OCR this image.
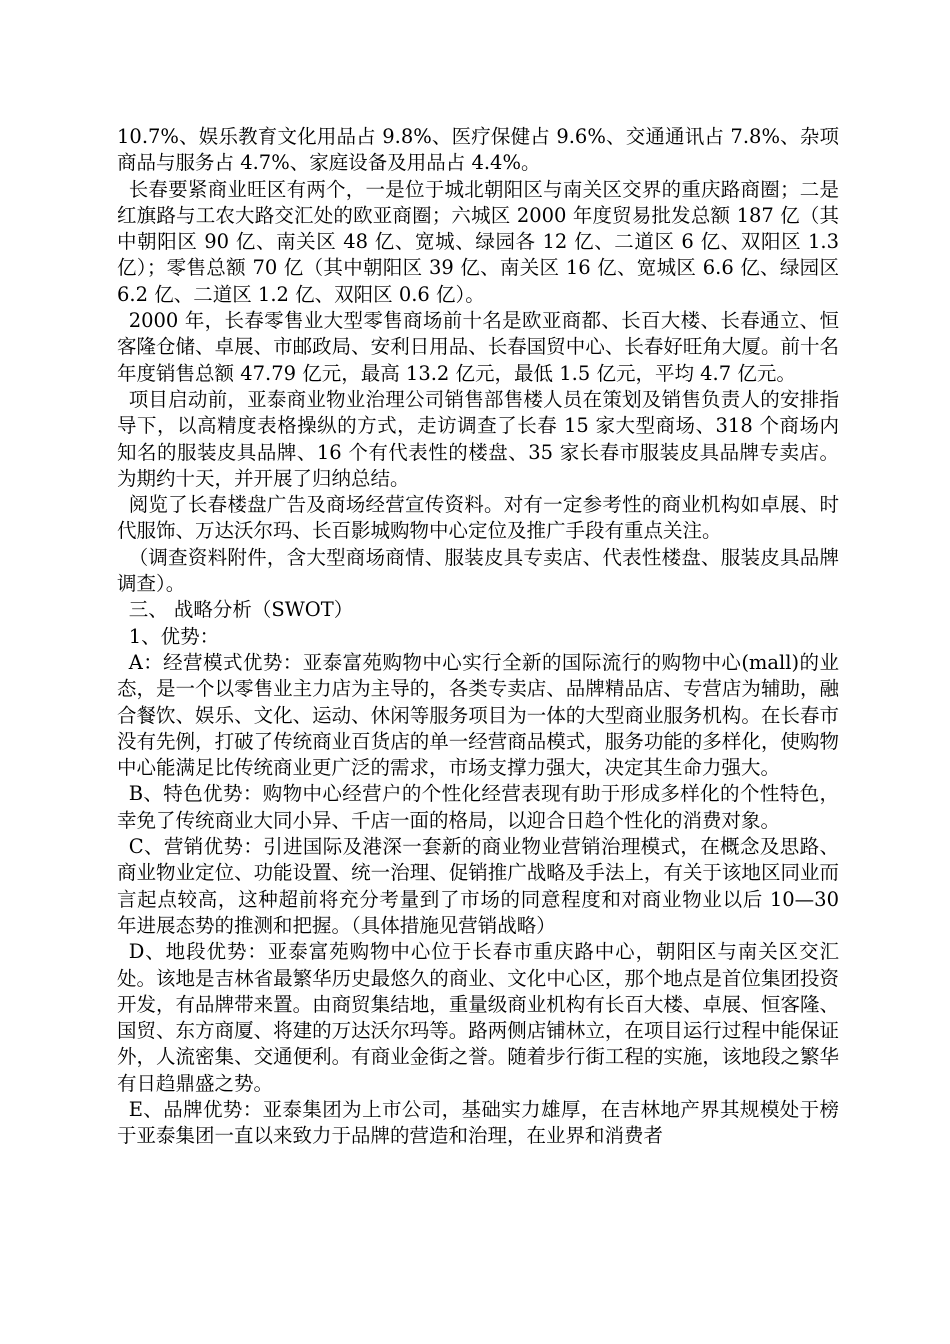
10.7%、娱乐教育文化用品占 9.8%、医疗保健占 9.6%、交通通讯占 7.8%、杂项商品与服务占 4.7%、家庭设备及用品占 4.4%。

长春要紧商业旺区有两个，一是位于城北朝阳区与南关区交界的重庆路商圈；二是红旗路与工农大路交汇处的欧亚商圈；六城区 2000 年度贸易批发总额 187 亿（其中朝阳区 90 亿、南关区 48 亿、宽城、绿园各 12 亿、二道区 6 亿、双阳区 1.3 亿）；零售总额 70 亿（其中朝阳区 39 亿、南关区 16 亿、宽城区 6.6 亿、绿园区 6.2 亿、二道区 1.2 亿、双阳区 0.6 亿）。

2000 年，长春零售业大型零售商场前十名是欧亚商都、长百大楼、长春通立、恒客隆仓储、卓展、市邮政局、安利日用品、长春国贸中心、长春好旺角大厦。前十名年度销售总额 47.79 亿元，最高 13.2 亿元，最低 1.5 亿元，平均 4.7 亿元。

项目启动前，亚泰商业物业治理公司销售部售楼人员在策划及销售负责人的安排指导下，以高精度表格操纵的方式，走访调查了长春 15 家大型商场、318 个商场内知名的服装皮具品牌、16 个有代表性的楼盘、35 家长春市服装皮具品牌专卖店。为期约十天，并开展了归纳总结。

阅览了长春楼盘广告及商场经营宣传资料。对有一定参考性的商业机构如卓展、时代服饰、万达沃尔玛、长百影城购物中心定位及推广手段有重点关注。

（调查资料附件，含大型商场商情、服装皮具专卖店、代表性楼盘、服装皮具品牌调查）。

三、 战略分析（SWOT）

1、优势：

A：经营模式优势：亚泰富苑购物中心实行全新的国际流行的购物中心(mall)的业态，是一个以零售业主力店为主导的，各类专卖店、品牌精品店、专营店为辅助，融合餐饮、娱乐、文化、运动、休闲等服务项目为一体的大型商业服务机构。在长春市没有先例，打破了传统商业百货店的单一经营商品模式，服务功能的多样化，使购物中心能满足比传统商业更广泛的需求，市场支撑力强大，决定其生命力强大。

B、特色优势：购物中心经营户的个性化经营表现有助于形成多样化的个性特色，幸免了传统商业大同小异、千店一面的格局，以迎合日趋个性化的消费对象。

C、营销优势：引进国际及港深一套新的商业物业营销治理模式，在概念及思路、商业物业定位、功能设置、统一治理、促销推广战略及手法上，有关于该地区同业而言起点较高，这种超前将充分考量到了市场的同意程度和对商业物业以后 10—30 年进展态势的推测和把握。（具体措施见营销战略）

D、地段优势：亚泰富苑购物中心位于长春市重庆路中心，朝阳区与南关区交汇处。该地是吉林省最繁华历史最悠久的商业、文化中心区，那个地点是首位集团投资开发，有品牌带来置。由商贸集结地，重量级商业机构有长百大楼、卓展、恒客隆、国贸、东方商厦、将建的万达沃尔玛等。路两侧店铺林立，在项目运行过程中能保证外，人流密集、交通便利。有商业金街之誉。随着步行街工程的实施，该地段之繁华有日趋鼎盛之势。

E、品牌优势：亚泰集团为上市公司，基础实力雄厚，在吉林地产界其规模处于榜于亚泰集团一直以来致力于品牌的营造和治理，在业界和消费者
